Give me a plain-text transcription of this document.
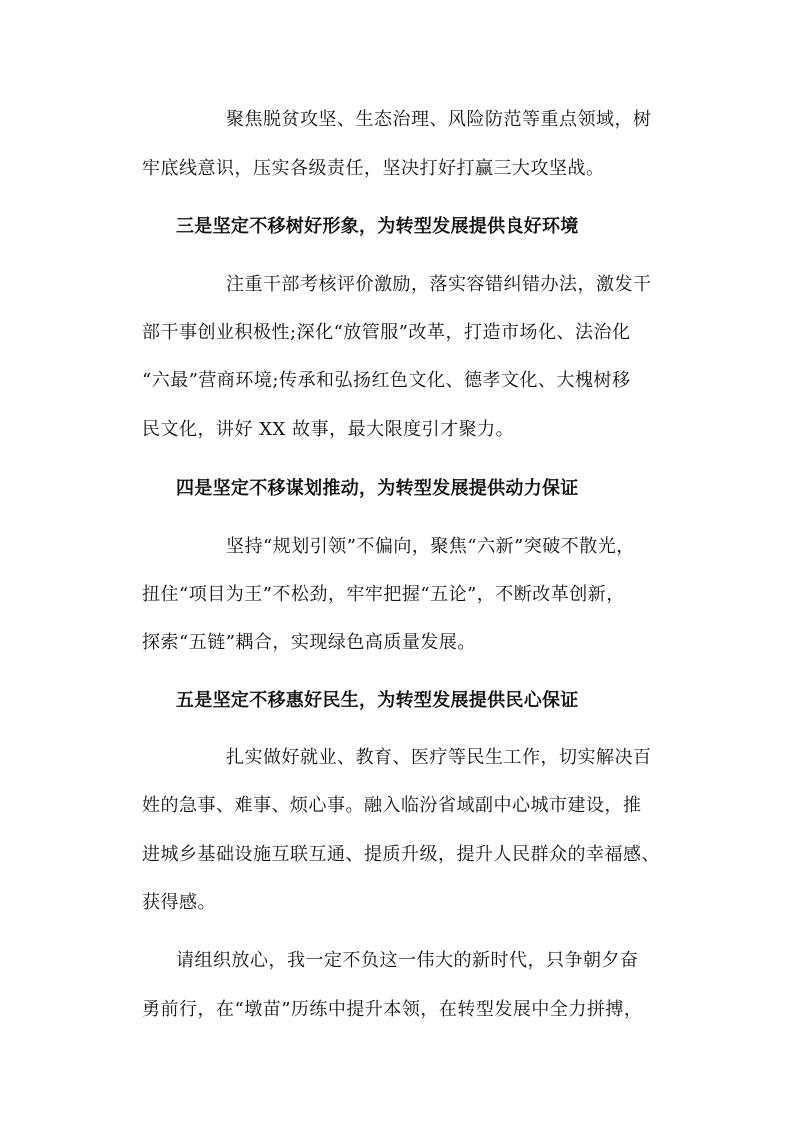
聚焦脱贫攻坚、生态治理、风险防范等重点领域，树
牢底线意识，压实各级责任，坚决打好打赢三大攻坚战。
三是坚定不移树好形象，为转型发展提供良好环境
注重干部考核评价激励，落实容错纠错办法，激发干
部干事创业积极性;深化“放管服”改革，打造市场化、法治化
“六最”营商环境;传承和弘扬红色文化、德孝文化、大槐树移
民文化，讲好 XX 故事，最大限度引才聚力。
四是坚定不移谋划推动，为转型发展提供动力保证
坚持“规划引领”不偏向，聚焦“六新”突破不散光，
扭住“项目为王”不松劲，牢牢把握“五论”，不断改革创新，
探索“五链”耦合，实现绿色高质量发展。
五是坚定不移惠好民生，为转型发展提供民心保证
扎实做好就业、教育、医疗等民生工作，切实解决百
姓的急事、难事、烦心事。融入临汾省域副中心城市建设，推
进城乡基础设施互联互通、提质升级，提升人民群众的幸福感、
获得感。
请组织放心，我一定不负这一伟大的新时代，只争朝夕奋
勇前行，在“墩苗”历练中提升本领，在转型发展中全力拼搏，
